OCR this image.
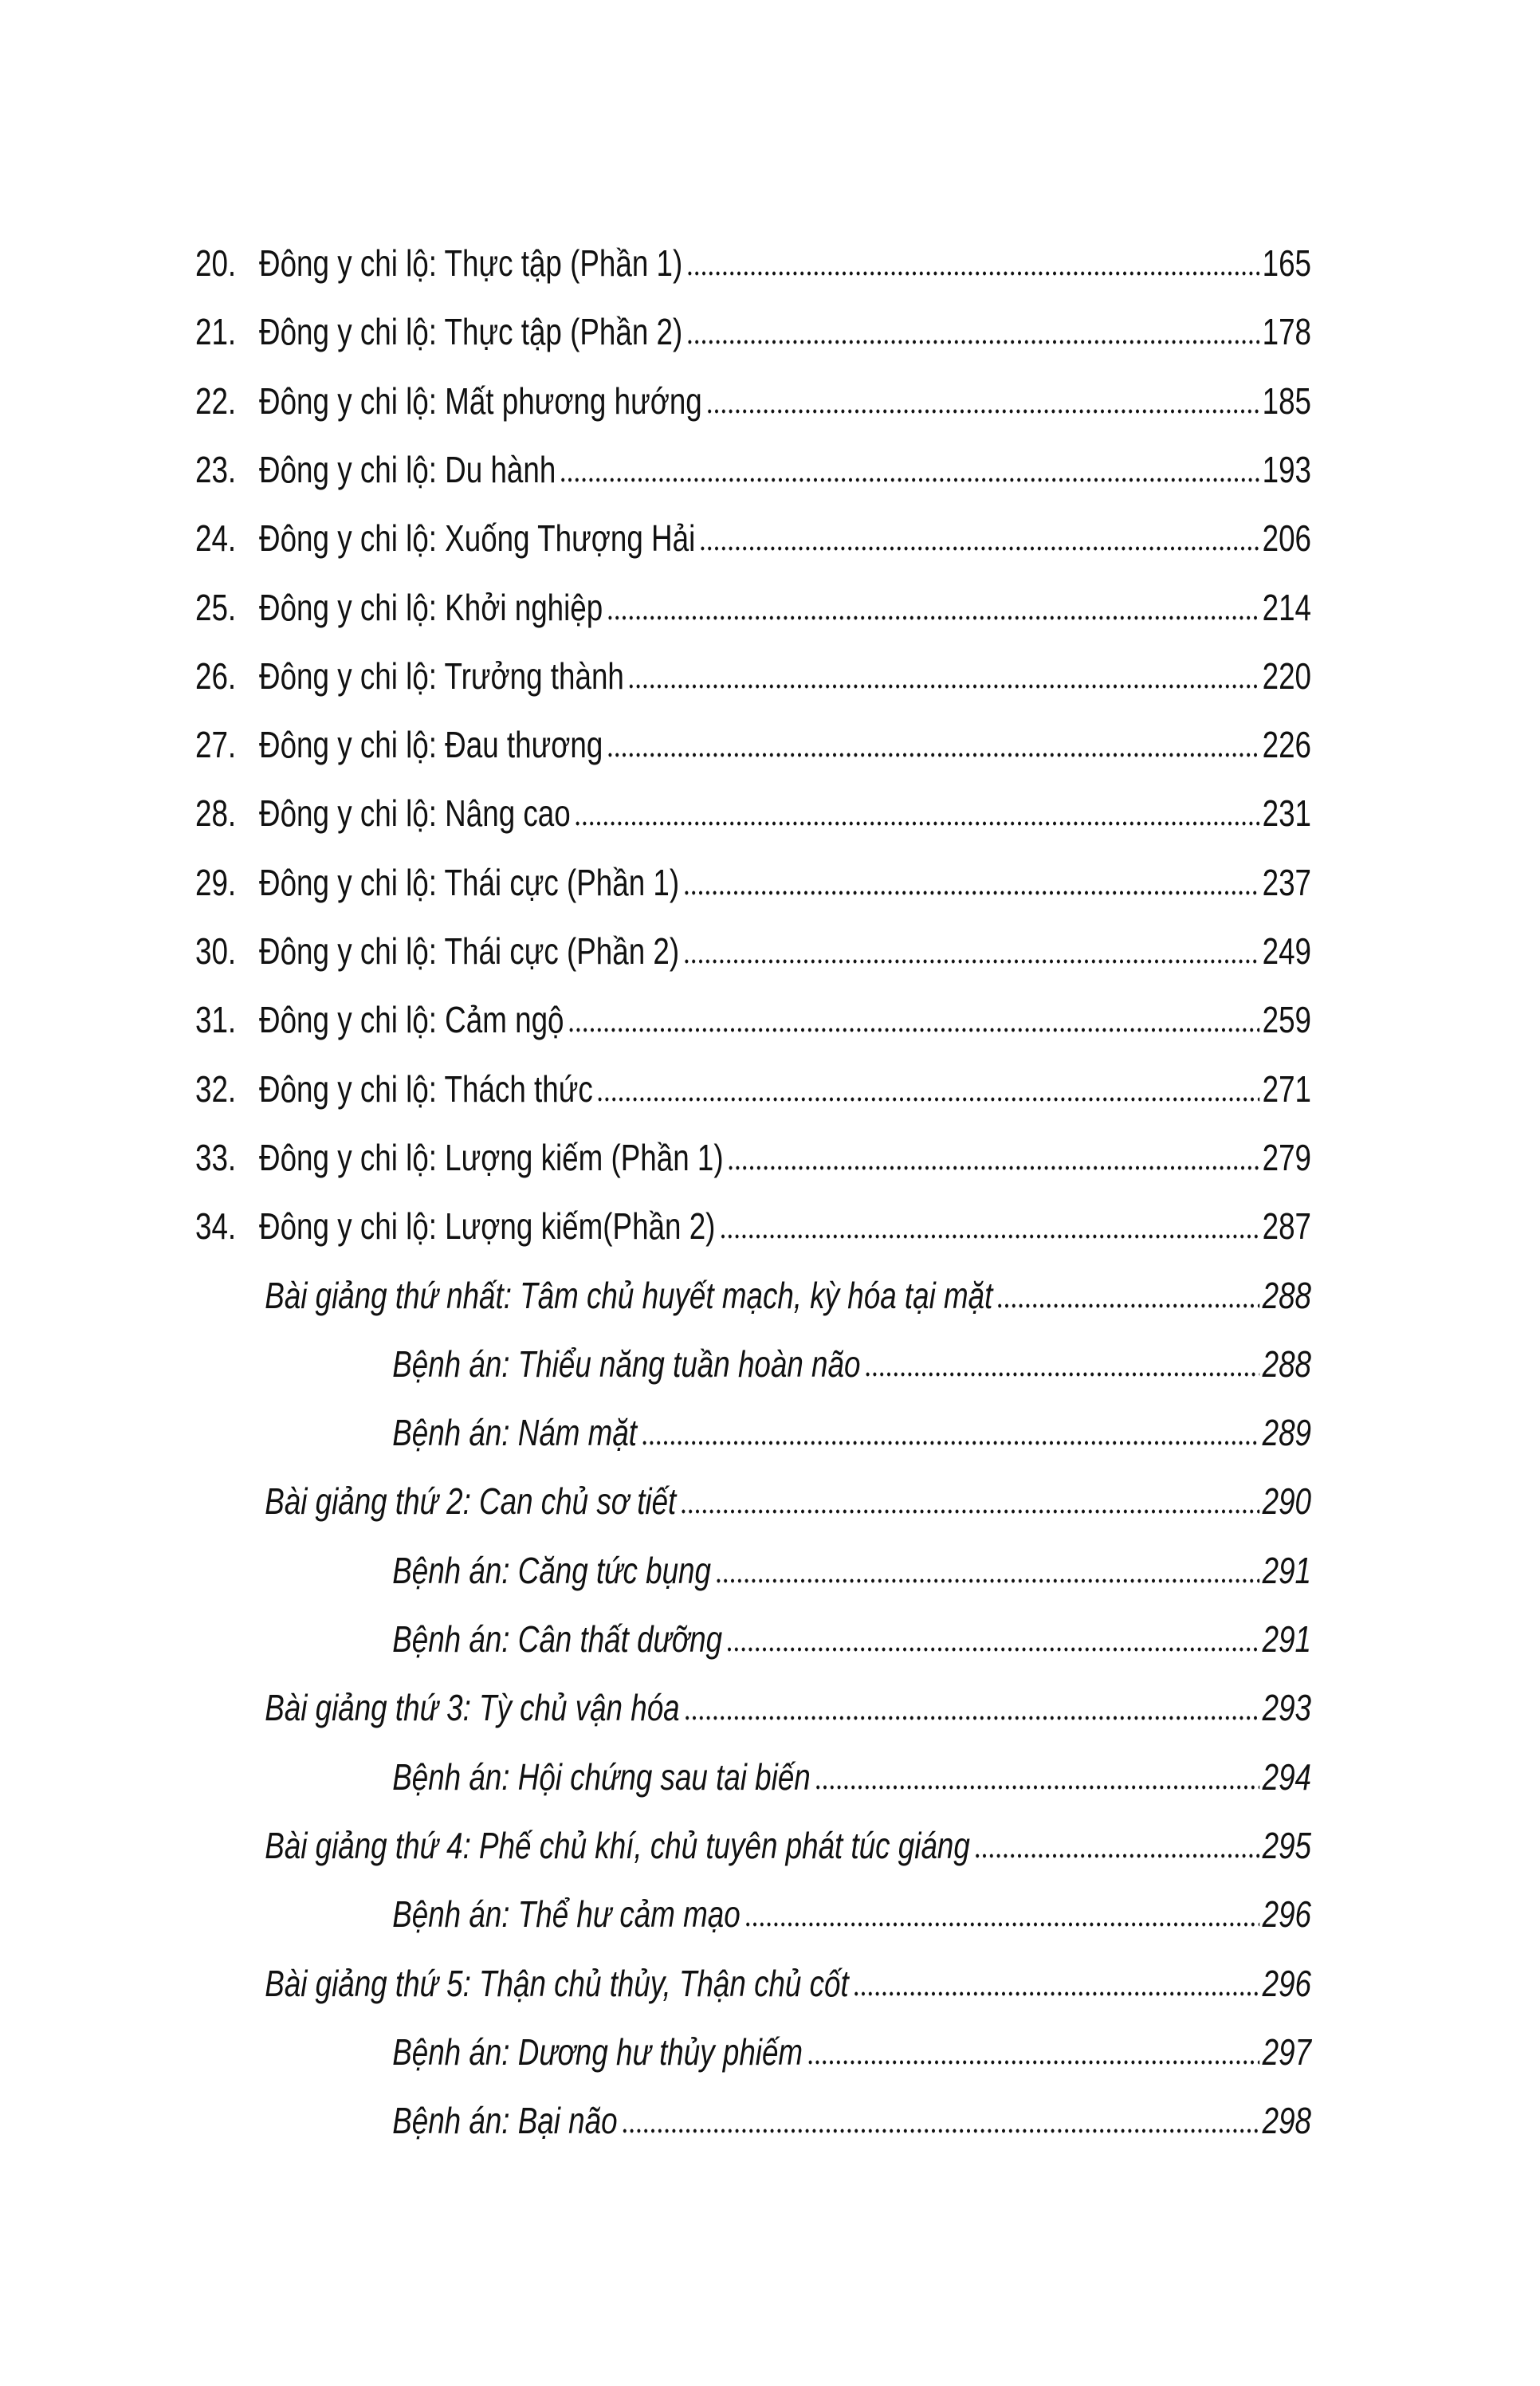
20. Đông y chi lộ: Thực tập (Phần 1)	165
21. Đông y chi lộ: Thực tập (Phần 2)	178
22. Đông y chi lộ: Mất phương hướng	185
23. Đông y chi lộ: Du hành	193
24. Đông y chi lộ: Xuống Thượng Hải	206
25. Đông y chi lộ: Khởi nghiệp	214
26. Đông y chi lộ: Trưởng thành	220
27. Đông y chi lộ: Đau thương	226
28. Đông y chi lộ: Nâng cao	231
29. Đông y chi lộ: Thái cực (Phần 1)	237
30. Đông y chi lộ: Thái cực (Phần 2)	249
31. Đông y chi lộ: Cảm ngộ	259
32. Đông y chi lộ: Thách thức	271
33. Đông y chi lộ: Lượng kiếm (Phần 1)	279
34. Đông y chi lộ: Lượng kiếm(Phần 2)	287
Bài giảng thứ nhất: Tâm chủ huyết mạch, kỳ hóa tại mặt	288
Bệnh án: Thiểu năng tuần hoàn não	288
Bệnh án: Nám mặt	289
Bài giảng thứ 2: Can chủ sơ tiết	290
Bệnh án: Căng tức bụng	291
Bệnh án: Cân thất dưỡng	291
Bài giảng thứ 3: Tỳ chủ vận hóa	293
Bệnh án: Hội chứng sau tai biến	294
Bài giảng thứ 4: Phế chủ khí, chủ tuyên phát túc giáng	295
Bệnh án: Thể hư cảm mạo	296
Bài giảng thứ 5: Thận chủ thủy, Thận chủ cốt	296
Bệnh án: Dương hư thủy phiếm	297
Bệnh án: Bại não	298
